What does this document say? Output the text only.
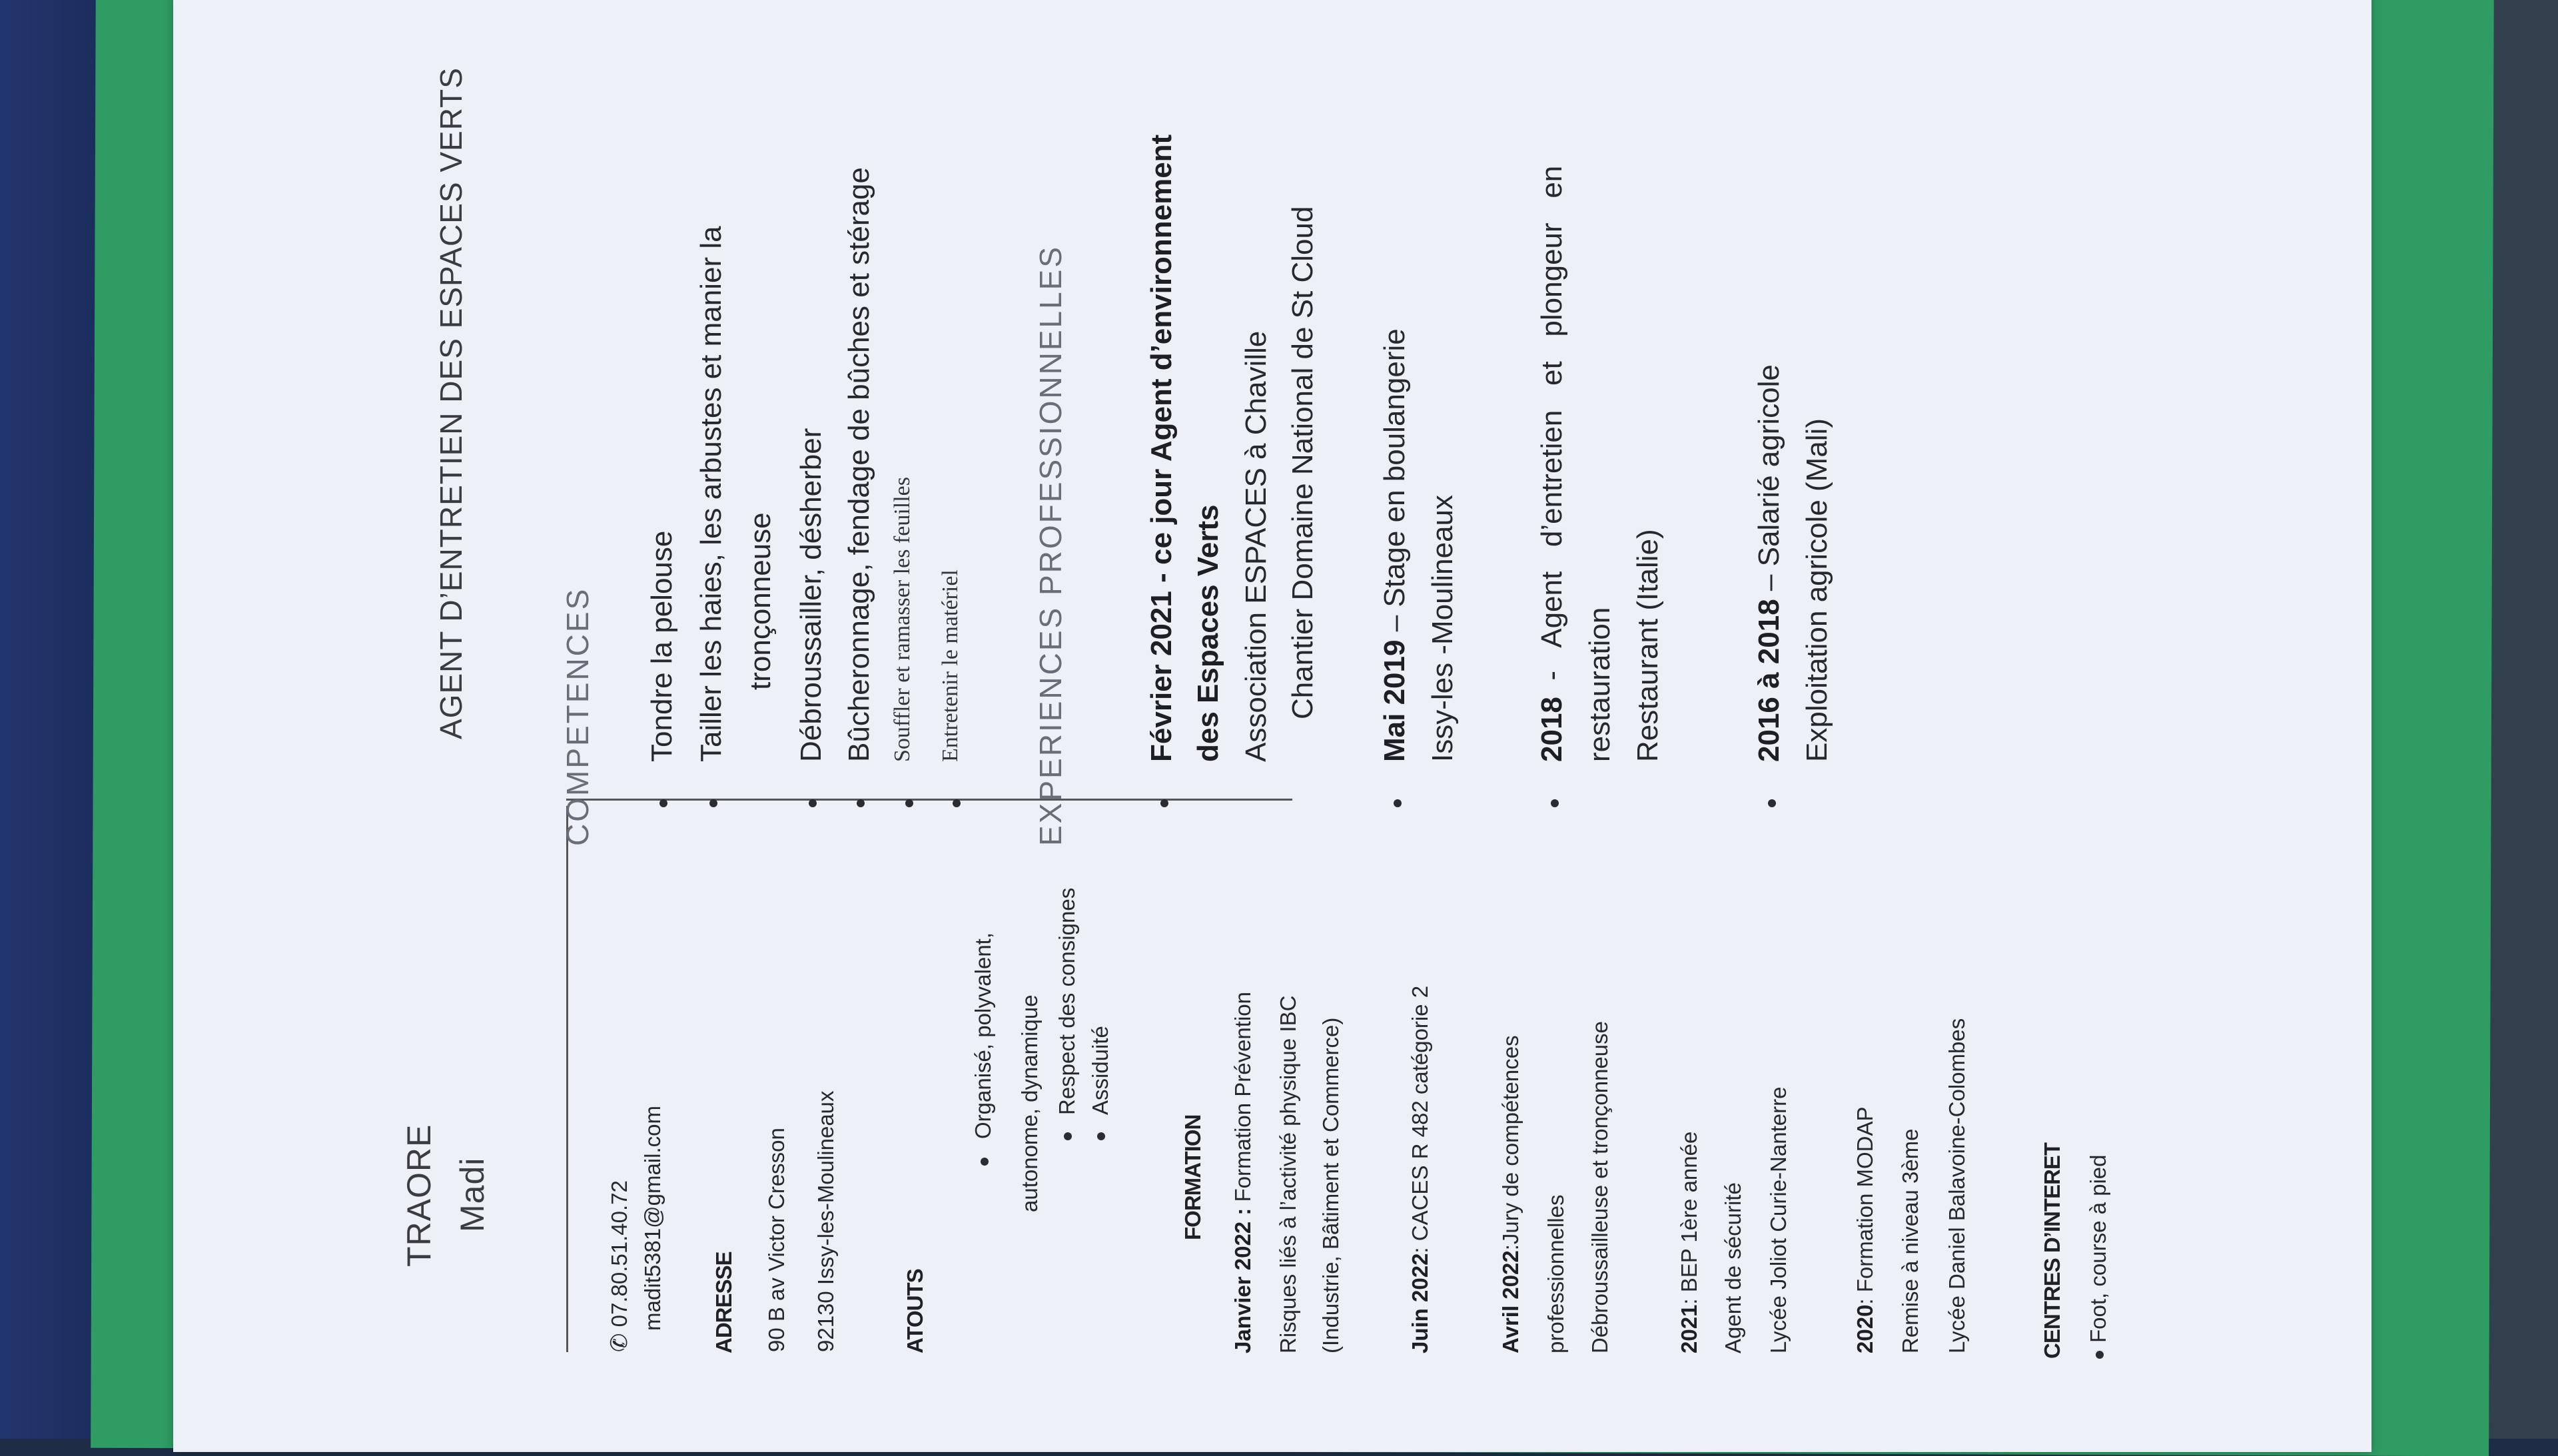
TRAORE Madi
AGENT D’ENTRETIEN DES ESPACES VERTS
✆ 07.80.51.40.72 madit5381@gmail.com ADRESSE 90 B av Victor Cresson 92130 Issy-les-Moulineaux	ATOUTS
Organisé, polyvalent, autonome, dynamique Respect des consignes Assiduité
FORMATION
Janvier 2022 : Formation Prévention Risques liés à l’activité physique IBC (Industrie, Bâtiment et Commerce)	Juin 2022: CACES R 482 catégorie 2
Avril 2022:Jury de compétences
professionnelles Débroussailleuse et tronçonneuse	2021: BEP 1ère année Agent de sécurité Lycée Joliot Curie-Nanterre	2020: Formation MODAP Remise à niveau 3ème Lycée Daniel Balavoine-Colombes	CENTRES D’INTERET Foot, course à pied
COMPETENCES Tondre la pelouse Tailler les haies, les arbustes et manier la tronçonneuse Débroussailler, désherber Bûcheronnage, fendage de bûches et stérage Souffler et ramasser les feuilles Entretenir le matériel EXPERIENCES PROFESSIONNELLES	Février 2021 - ce jour Agent d’environnement des Espaces Verts Association ESPACES à Chaville Chantier Domaine National de St Cloud Mai 2019 – Stage en boulangerie Issy-les -Moulineaux	2018  -   Agent   d’entretien   et   plongeur   en restauration Restaurant (Italie)	2016 à 2018 – Salarié agricole Exploitation agricole (Mali)
